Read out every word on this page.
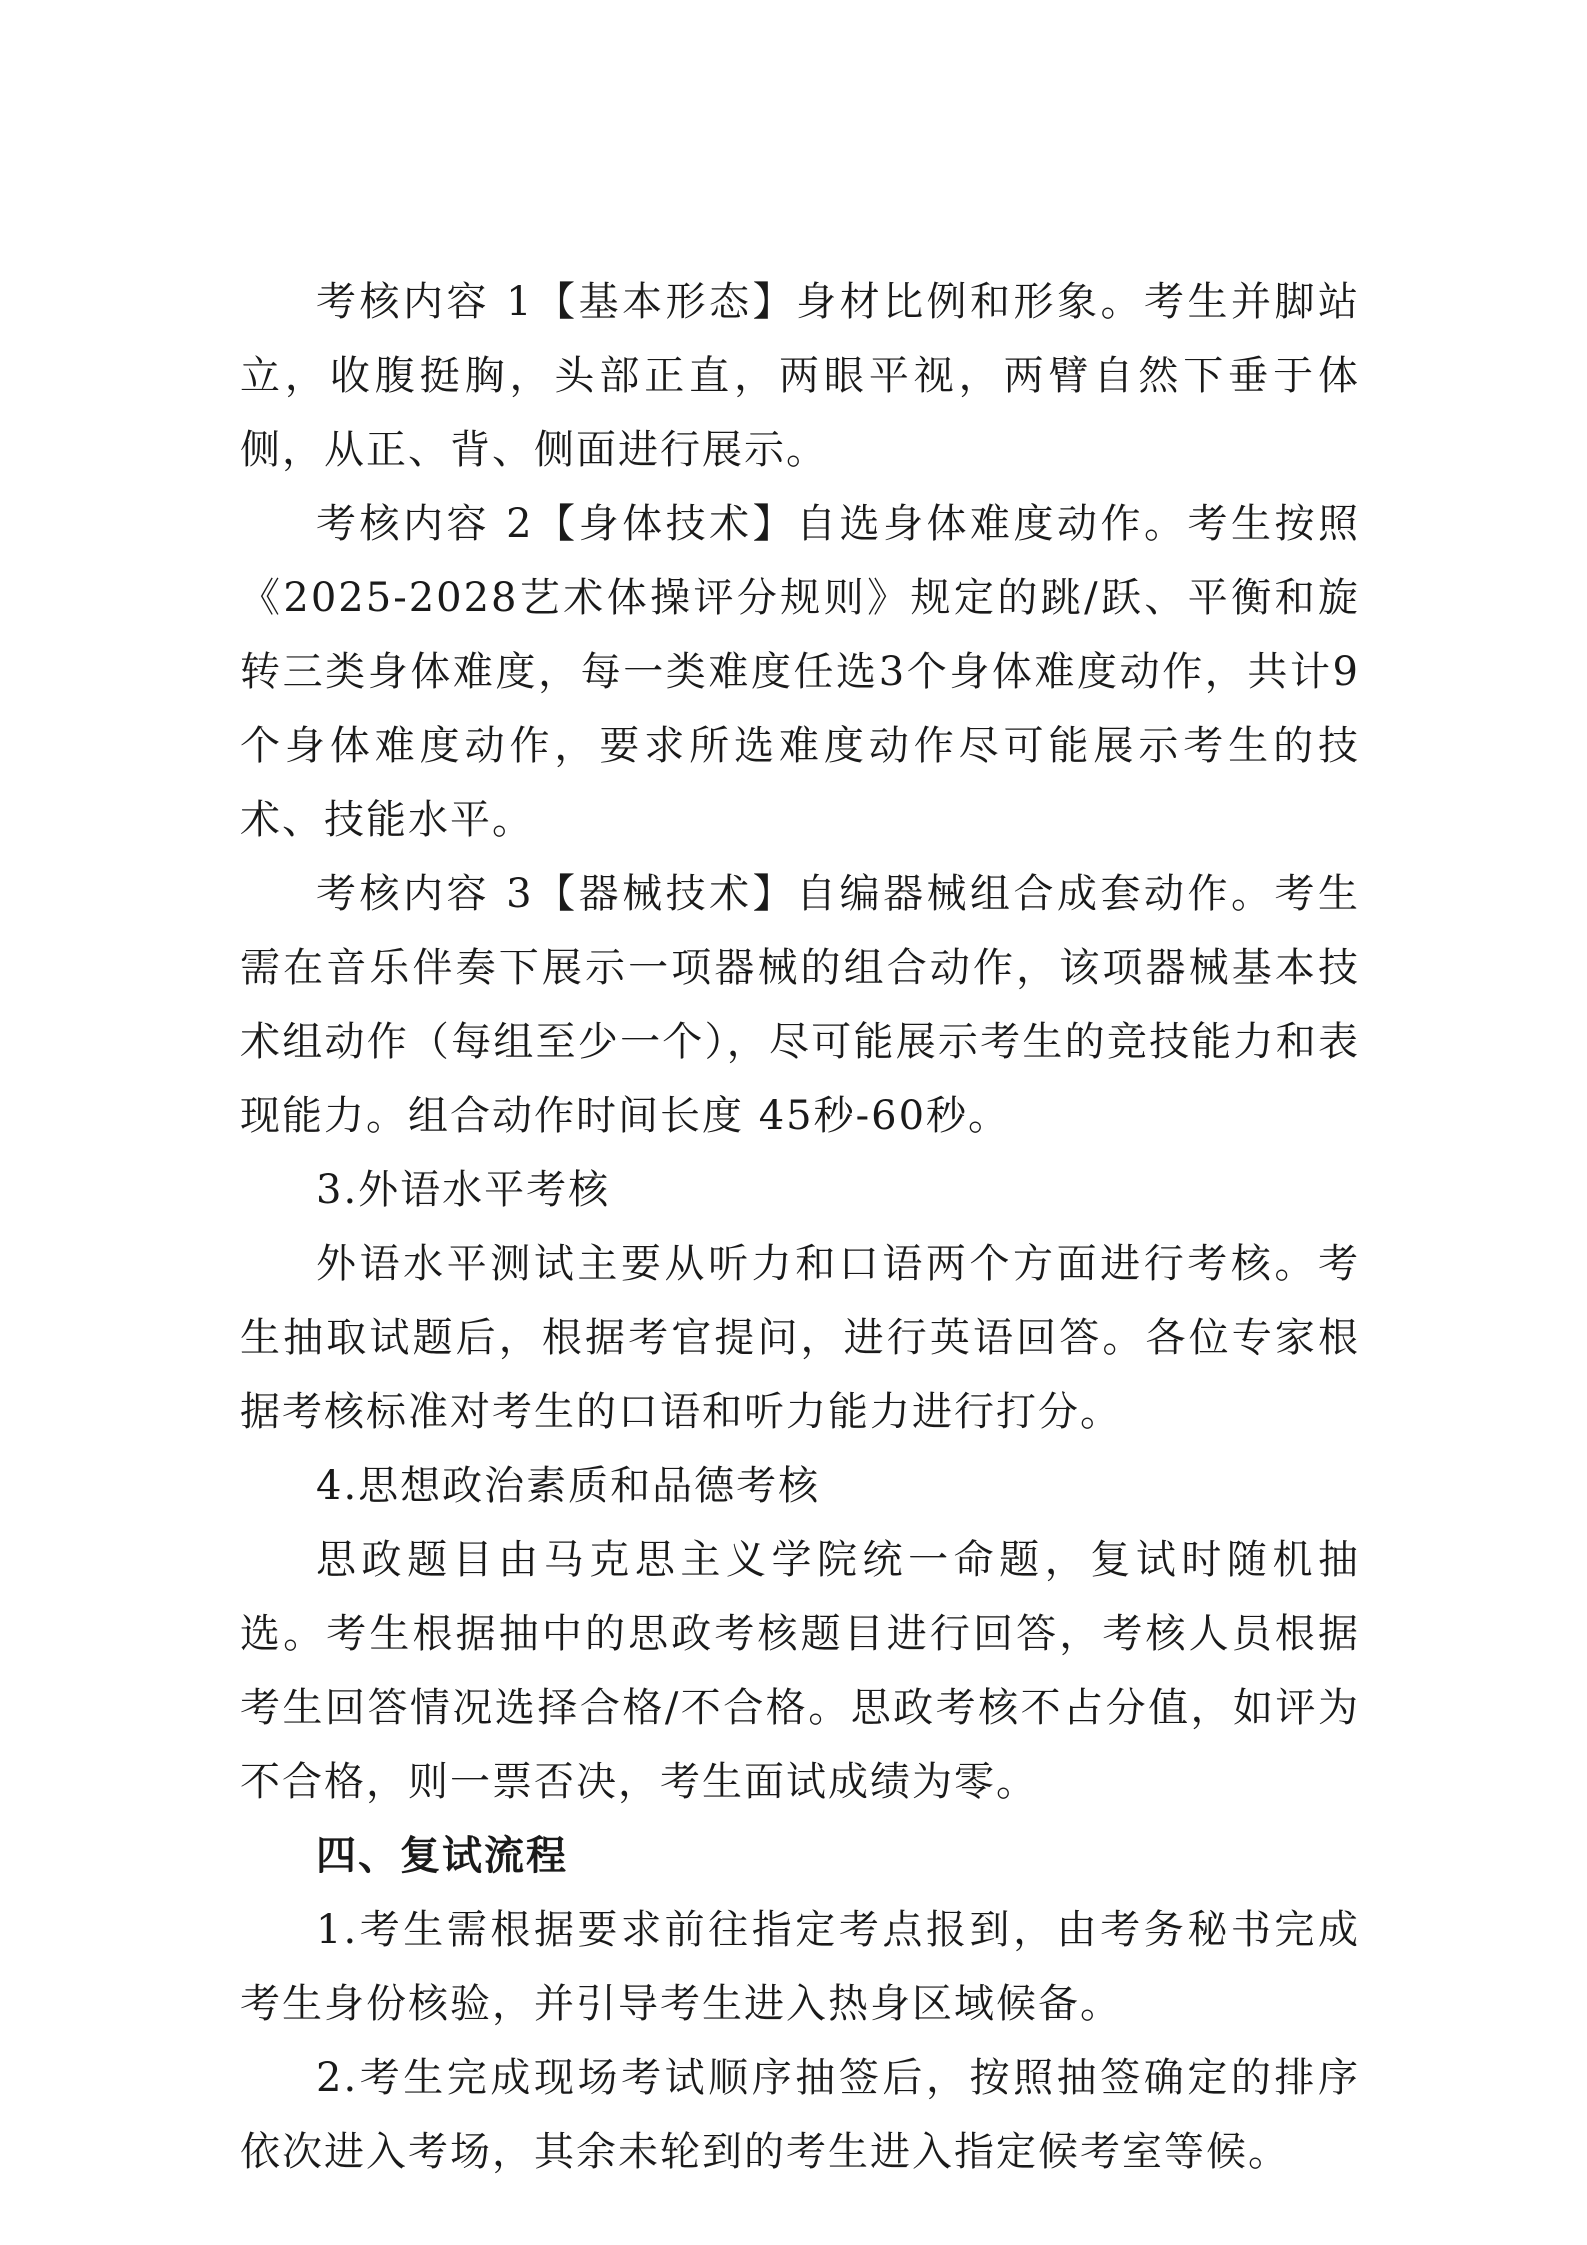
考核内容 1【基本形态】身材比例和形象。考生并脚站立，收腹挺胸，头部正直，两眼平视，两臂自然下垂于体侧，从正、背、侧面进行展示。

考核内容 2【身体技术】自选身体难度动作。考生按照《2025-2028艺术体操评分规则》规定的跳/跃、平衡和旋转三类身体难度，每一类难度任选3个身体难度动作，共计9个身体难度动作，要求所选难度动作尽可能展示考生的技术、技能水平。

考核内容 3【器械技术】自编器械组合成套动作。考生需在音乐伴奏下展示一项器械的组合动作，该项器械基本技术组动作（每组至少一个），尽可能展示考生的竞技能力和表现能力。组合动作时间长度 45秒-60秒。

3.外语水平考核

外语水平测试主要从听力和口语两个方面进行考核。考生抽取试题后，根据考官提问，进行英语回答。各位专家根据考核标准对考生的口语和听力能力进行打分。

4.思想政治素质和品德考核

思政题目由马克思主义学院统一命题，复试时随机抽选。考生根据抽中的思政考核题目进行回答，考核人员根据考生回答情况选择合格/不合格。思政考核不占分值，如评为不合格，则一票否决，考生面试成绩为零。

四、复试流程

1.考生需根据要求前往指定考点报到，由考务秘书完成考生身份核验，并引导考生进入热身区域候备。

2.考生完成现场考试顺序抽签后，按照抽签确定的排序依次进入考场，其余未轮到的考生进入指定候考室等候。
